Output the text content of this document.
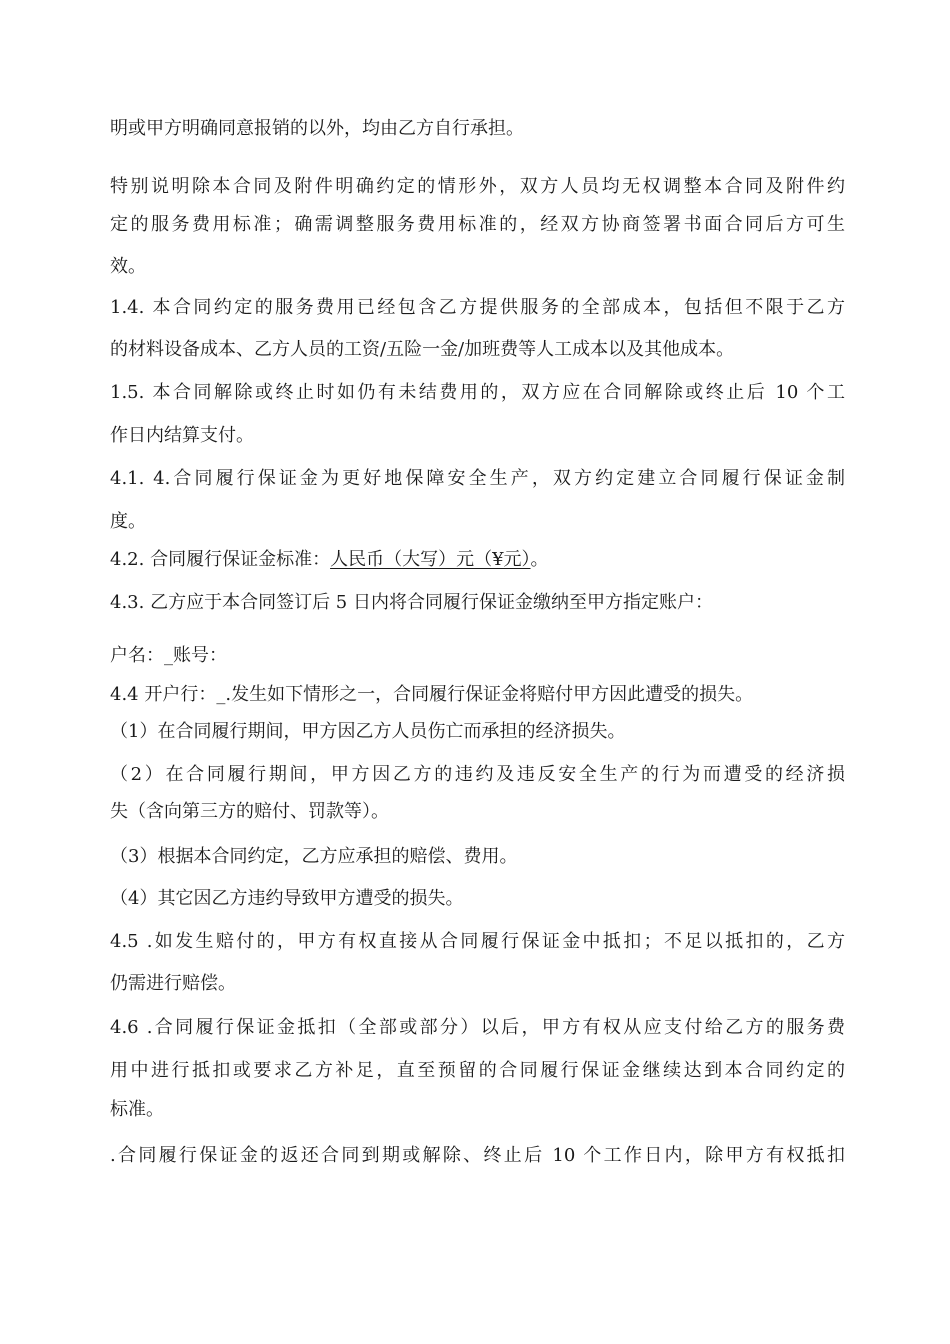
明或甲方明确同意报销的以外，均由乙方自行承担。
特别说明除本合同及附件明确约定的情形外，双方人员均无权调整本合同及附件约
定的服务费用标准；确需调整服务费用标准的，经双方协商签署书面合同后方可生
效。
1.4. 本合同约定的服务费用已经包含乙方提供服务的全部成本，包括但不限于乙方
的材料设备成本、乙方人员的工资/五险一金/加班费等人工成本以及其他成本。
1.5. 本合同解除或终止时如仍有未结费用的，双方应在合同解除或终止后 10 个工
作日内结算支付。
4.1. 4.合同履行保证金为更好地保障安全生产，双方约定建立合同履行保证金制
度。
4.2. 合同履行保证金标准：人民币（大写）元（¥元）。
4.3. 乙方应于本合同签订后 5 日内将合同履行保证金缴纳至甲方指定账户：
户名：_账号：
4.4 开户行：_.发生如下情形之一，合同履行保证金将赔付甲方因此遭受的损失。
（1）在合同履行期间，甲方因乙方人员伤亡而承担的经济损失。
（2）在合同履行期间，甲方因乙方的违约及违反安全生产的行为而遭受的经济损
失（含向第三方的赔付、罚款等）。
（3）根据本合同约定，乙方应承担的赔偿、费用。
（4）其它因乙方违约导致甲方遭受的损失。
4.5 .如发生赔付的，甲方有权直接从合同履行保证金中抵扣；不足以抵扣的，乙方
仍需进行赔偿。
4.6 .合同履行保证金抵扣（全部或部分）以后，甲方有权从应支付给乙方的服务费
用中进行抵扣或要求乙方补足，直至预留的合同履行保证金继续达到本合同约定的
标准。
.合同履行保证金的返还合同到期或解除、终止后 10 个工作日内，除甲方有权抵扣
